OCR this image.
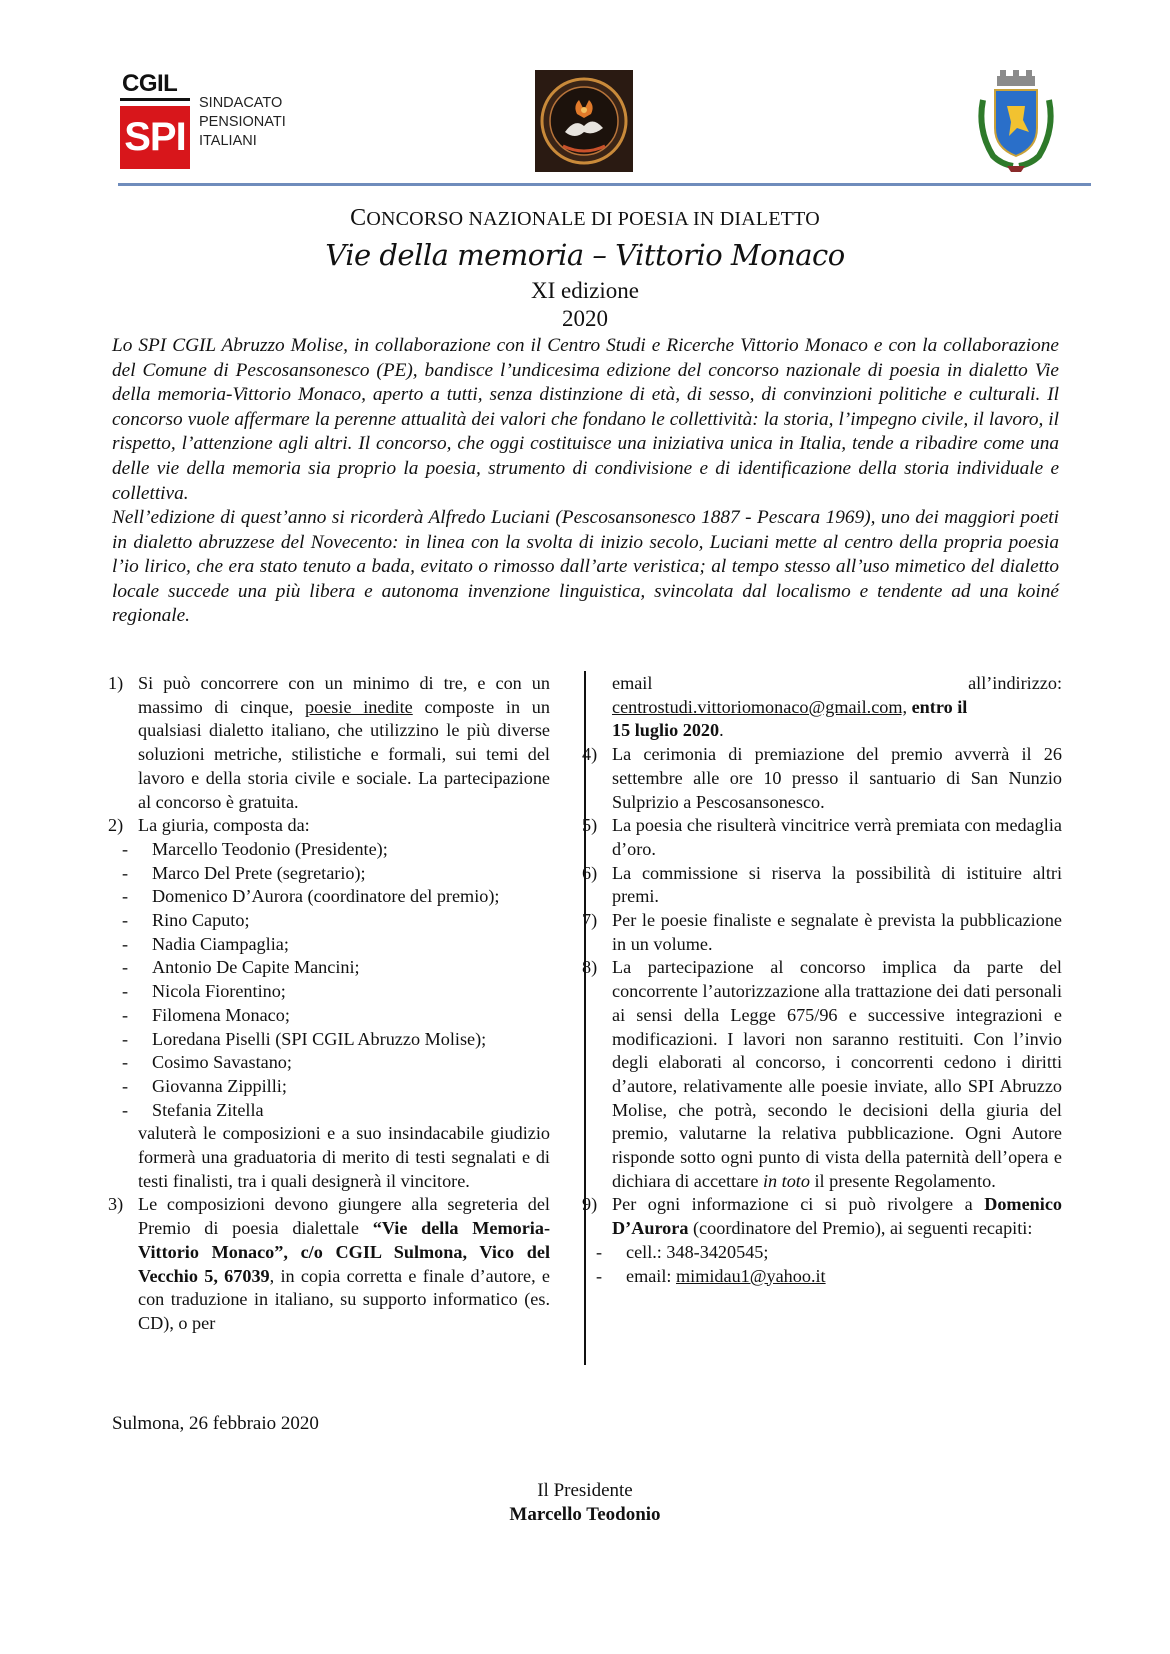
CGIL
SPI
SINDACATO
PENSIONATI
ITALIANI
CONCORSO NAZIONALE DI POESIA IN DIALETTO
Vie della memoria – Vittorio Monaco
XI edizione
2020

Lo SPI CGIL Abruzzo Molise, in collaborazione con il Centro Studi e Ricerche Vittorio Monaco e con la collaborazione del Comune di Pescosansonesco (PE), bandisce l’undicesima edizione del concorso nazionale di poesia in dialetto Vie della memoria-Vittorio Monaco, aperto a tutti, senza distinzione di età, di sesso, di convinzioni politiche e culturali. Il concorso vuole affermare la perenne attualità dei valori che fondano le collettività: la storia, l’impegno civile, il lavoro, il rispetto, l’attenzione agli altri. Il concorso, che oggi costituisce una iniziativa unica in Italia, tende a ribadire come una delle vie della memoria sia proprio la poesia, strumento di condivisione e di identificazione della storia individuale e collettiva.

Nell’edizione di quest’anno si ricorderà Alfredo Luciani (Pescosansonesco 1887 - Pescara 1969), uno dei maggiori poeti in dialetto abruzzese del Novecento: in linea con la svolta di inizio secolo, Luciani mette al centro della propria poesia l’io lirico, che era stato tenuto a bada, evitato o rimosso dall’arte veristica; al tempo stesso all’uso mimetico del dialetto locale succede una più libera e autonoma invenzione linguistica, svincolata dal localismo e tendente ad una koiné regionale.

1) Si può concorrere con un minimo di tre, e con un massimo di cinque, poesie inedite composte in un qualsiasi dialetto italiano, che utilizzino le più diverse soluzioni metriche, stilistiche e formali, sui temi del lavoro e della storia civile e sociale. La partecipazione al concorso è gratuita.
2) La giuria, composta da:
- Marcello Teodonio (Presidente);
- Marco Del Prete (segretario);
- Domenico D’Aurora (coordinatore del premio);
- Rino Caputo;
- Nadia Ciampaglia;
- Antonio De Capite Mancini;
- Nicola Fiorentino;
- Filomena Monaco;
- Loredana Piselli (SPI CGIL Abruzzo Molise);
- Cosimo Savastano;
- Giovanna Zippilli;
- Stefania Zitella
valuterà le composizioni e a suo insindacabile giudizio formerà una graduatoria di merito di testi segnalati e di testi finalisti, tra i quali designerà il vincitore.
3) Le composizioni devono giungere alla segreteria del Premio di poesia dialettale “Vie della Memoria-Vittorio Monaco”, c/o CGIL Sulmona, Vico del Vecchio 5, 67039, in copia corretta e finale d’autore, e con traduzione in italiano, su supporto informatico (es. CD), o per
email	all’indirizzo:
centrostudi.vittoriomonaco@gmail.com, entro il
15 luglio 2020.
4) La cerimonia di premiazione del premio avverrà il 26 settembre alle ore 10 presso il santuario di San Nunzio Sulprizio a Pescosansonesco.
5) La poesia che risulterà vincitrice verrà premiata con medaglia d’oro.
6) La commissione si riserva la possibilità di istituire altri premi.
7) Per le poesie finaliste e segnalate è prevista la pubblicazione in un volume.
8) La partecipazione al concorso implica da parte del concorrente l’autorizzazione alla trattazione dei dati personali ai sensi della Legge 675/96 e successive integrazioni e modificazioni. I lavori non saranno restituiti. Con l’invio degli elaborati al concorso, i concorrenti cedono i diritti d’autore, relativamente alle poesie inviate, allo SPI Abruzzo Molise, che potrà, secondo le decisioni della giuria del premio, valutarne la relativa pubblicazione. Ogni Autore risponde sotto ogni punto di vista della paternità dell’opera e dichiara di accettare in toto il presente Regolamento.
9) Per ogni informazione ci si può rivolgere a Domenico D’Aurora (coordinatore del Premio), ai seguenti recapiti:
- cell.: 348-3420545;
- email: mimidau1@yahoo.it
Sulmona, 26 febbraio 2020
Il Presidente
Marcello Teodonio
